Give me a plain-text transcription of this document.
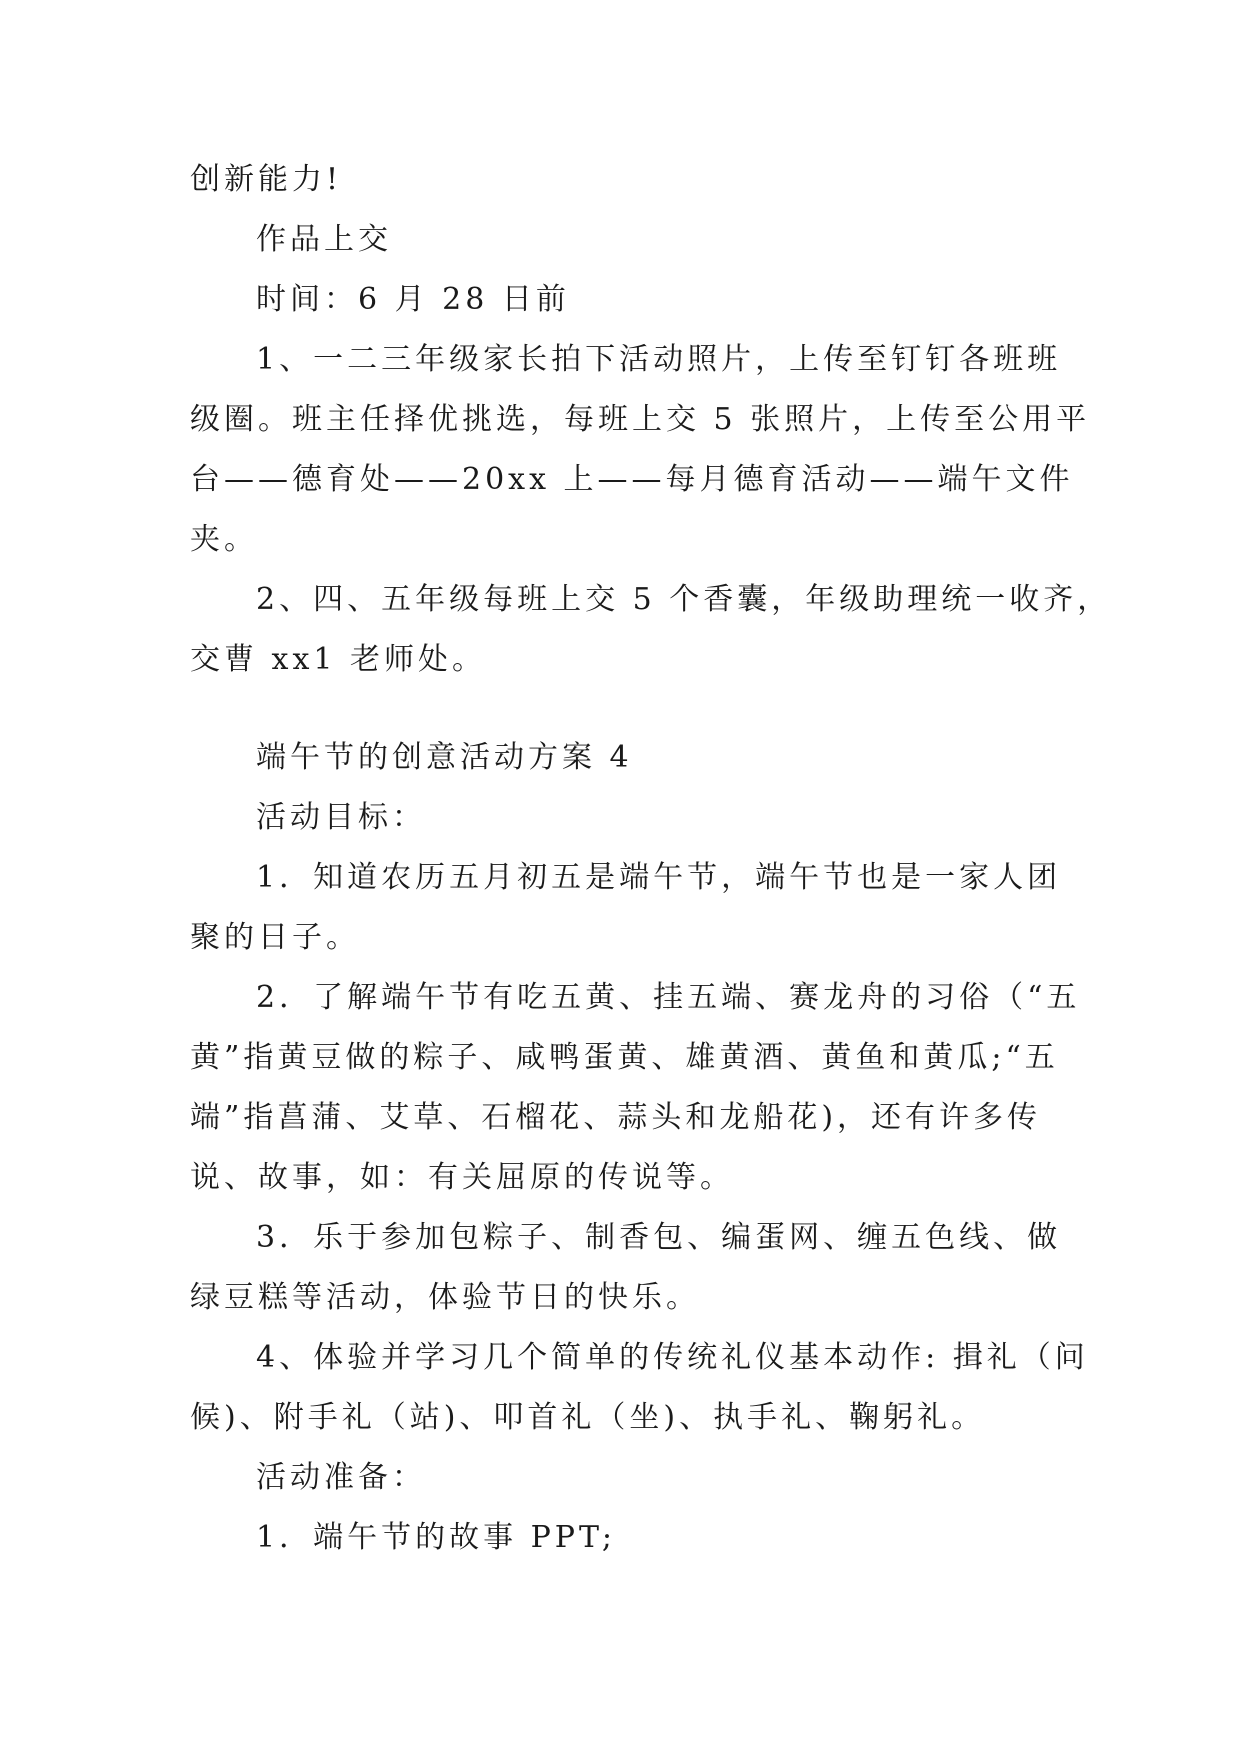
创新能力!
作品上交
时间：6 月 28 日前
1、一二三年级家长拍下活动照片，上传至钉钉各班班
级圈。班主任择优挑选，每班上交 5 张照片，上传至公用平
台——德育处——20xx 上——每月德育活动——端午文件
夹。
2、四、五年级每班上交 5 个香囊，年级助理统一收齐，
交曹 xx1 老师处。
端午节的创意活动方案 4
活动目标：
1．知道农历五月初五是端午节，端午节也是一家人团
聚的日子。
2．了解端午节有吃五黄、挂五端、赛龙舟的习俗（“五
黄”指黄豆做的粽子、咸鸭蛋黄、雄黄酒、黄鱼和黄瓜;“五
端”指菖蒲、艾草、石榴花、蒜头和龙船花)，还有许多传
说、故事，如：有关屈原的传说等。
3．乐于参加包粽子、制香包、编蛋网、缠五色线、做
绿豆糕等活动，体验节日的快乐。
4、体验并学习几个简单的传统礼仪基本动作: 揖礼（问
候)、附手礼（站)、叩首礼（坐)、执手礼、鞠躬礼。
活动准备：
1．端午节的故事 PPT;
